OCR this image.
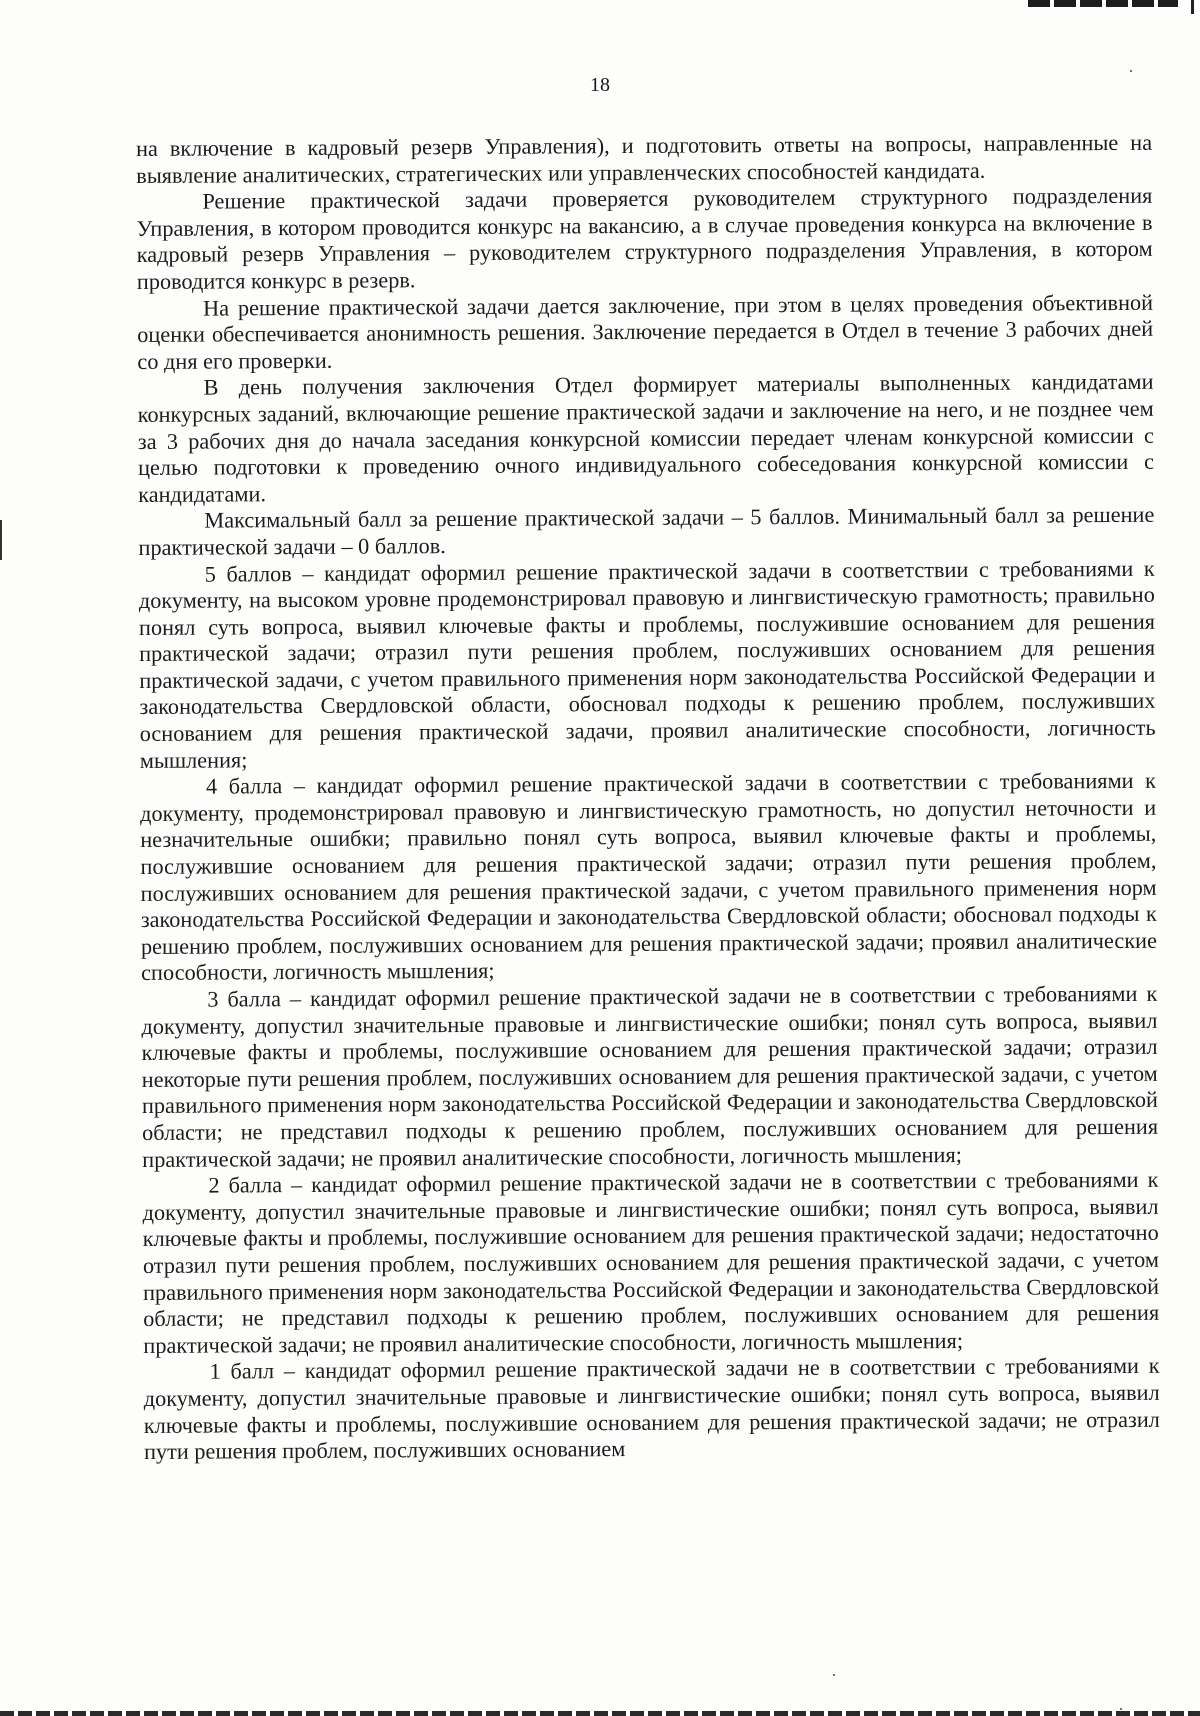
18

на включение в кадровый резерв Управления), и подготовить ответы на вопросы, направленные на выявление аналитических, стратегических или управленческих способностей кандидата.

Решение практической задачи проверяется руководителем структурного подразделения Управления, в котором проводится конкурс на вакансию, а в случае проведения конкурса на включение в кадровый резерв Управления – руководителем структурного подразделения Управления, в котором проводится конкурс в резерв.

На решение практической задачи дается заключение, при этом в целях проведения объективной оценки обеспечивается анонимность решения. Заключение передается в Отдел в течение 3 рабочих дней со дня его проверки.

В день получения заключения Отдел формирует материалы выполненных кандидатами конкурсных заданий, включающие решение практической задачи и заключение на него, и не позднее чем за 3 рабочих дня до начала заседания конкурсной комиссии передает членам конкурсной комиссии с целью подготовки к проведению очного индивидуального собеседования конкурсной комиссии с кандидатами.

Максимальный балл за решение практической задачи – 5 баллов. Минимальный балл за решение практической задачи – 0 баллов.

5 баллов – кандидат оформил решение практической задачи в соответствии с требованиями к документу, на высоком уровне продемонстрировал правовую и лингвистическую грамотность; правильно понял суть вопроса, выявил ключевые факты и проблемы, послужившие основанием для решения практической задачи; отразил пути решения проблем, послуживших основанием для решения практической задачи, с учетом правильного применения норм законодательства Российской Федерации и законодательства Свердловской области, обосновал подходы к решению проблем, послуживших основанием для решения практической задачи, проявил аналитические способности, логичность мышления;

4 балла – кандидат оформил решение практической задачи в соответствии с требованиями к документу, продемонстрировал правовую и лингвистическую грамотность, но допустил неточности и незначительные ошибки; правильно понял суть вопроса, выявил ключевые факты и проблемы, послужившие основанием для решения практической задачи; отразил пути решения проблем, послуживших основанием для решения практической задачи, с учетом правильного применения норм законодательства Российской Федерации и законодательства Свердловской области; обосновал подходы к решению проблем, послуживших основанием для решения практической задачи; проявил аналитические способности, логичность мышления;

3 балла – кандидат оформил решение практической задачи не в соответствии с требованиями к документу, допустил значительные правовые и лингвистические ошибки; понял суть вопроса, выявил ключевые факты и проблемы, послужившие основанием для решения практической задачи; отразил некоторые пути решения проблем, послуживших основанием для решения практической задачи, с учетом правильного применения норм законодательства Российской Федерации и законодательства Свердловской области; не представил подходы к решению проблем, послуживших основанием для решения практической задачи; не проявил аналитические способности, логичность мышления;

2 балла – кандидат оформил решение практической задачи не в соответствии с требованиями к документу, допустил значительные правовые и лингвистические ошибки; понял суть вопроса, выявил ключевые факты и проблемы, послужившие основанием для решения практической задачи; недостаточно отразил пути решения проблем, послуживших основанием для решения практической задачи, с учетом правильного применения норм законодательства Российской Федерации и законодательства Свердловской области; не представил подходы к решению проблем, послуживших основанием для решения практической задачи; не проявил аналитические способности, логичность мышления;

1 балл – кандидат оформил решение практической задачи не в соответствии с требованиями к документу, допустил значительные правовые и лингвистические ошибки; понял суть вопроса, выявил ключевые факты и проблемы, послужившие основанием для решения практической задачи; не отразил пути решения проблем, послуживших основанием
